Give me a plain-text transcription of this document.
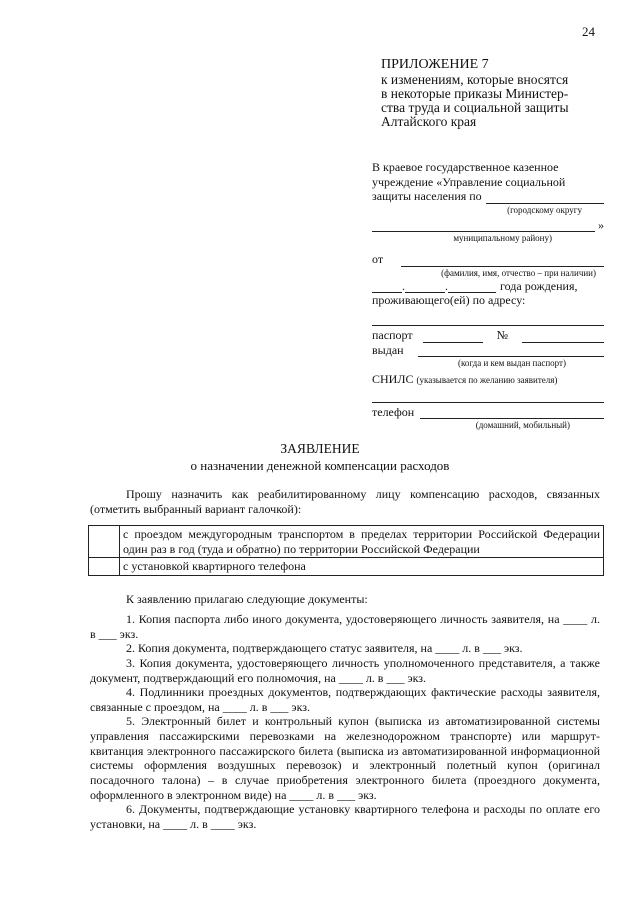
24
ПРИЛОЖЕНИЕ 7
к изменениям, которые вносятся
в некоторые приказы Министер-
ства труда и социальной защиты
Алтайского края
В краевое государственное казенное
учреждение «Управление социальной
защиты населения по
(городскому округу
»
муниципальному району)
от
(фамилия, имя, отчество – при наличии)
.	.	года рождения,
проживающего(ей) по адресу:
паспорт	№
выдан
(когда и кем выдан паспорт)
СНИЛС (указывается по желанию заявителя)
телефон
(домашний, мобильный)
ЗАЯВЛЕНИЕ
о назначении денежной компенсации расходов

Прошу назначить как реабилитированному лицу компенсацию расходов, связанных (отметить выбранный вариант галочкой):

	с проездом междугородным транспортом в пределах территории Российской Федерации один раз в год (туда и обратно) по территории Российской Федерации
	с установкой квартирного телефона

К заявлению прилагаю следующие документы:

1. Копия паспорта либо иного документа, удостоверяющего личность заявителя, на ____ л. в ___ экз.

2. Копия документа, подтверждающего статус заявителя, на ____ л. в ___ экз.

3. Копия документа, удостоверяющего личность уполномоченного представителя, а также документ, подтверждающий его полномочия, на ____ л. в ___ экз.

4. Подлинники проездных документов, подтверждающих фактические расходы заявителя, связанные с проездом, на ____ л. в ___ экз.

5. Электронный билет и контрольный купон (выписка из автоматизированной системы управления пассажирскими перевозками на железнодорожном транспорте) или маршрут-квитанция электронного пассажирского билета (выписка из автоматизированной информационной системы оформления воздушных перевозок) и электронный полетный купон (оригинал посадочного талона) – в случае приобретения электронного билета (проездного документа, оформленного в электронном виде) на ____ л. в ___ экз.

6. Документы, подтверждающие установку квартирного телефона и расходы по оплате его установки, на ____ л. в ____ экз.
